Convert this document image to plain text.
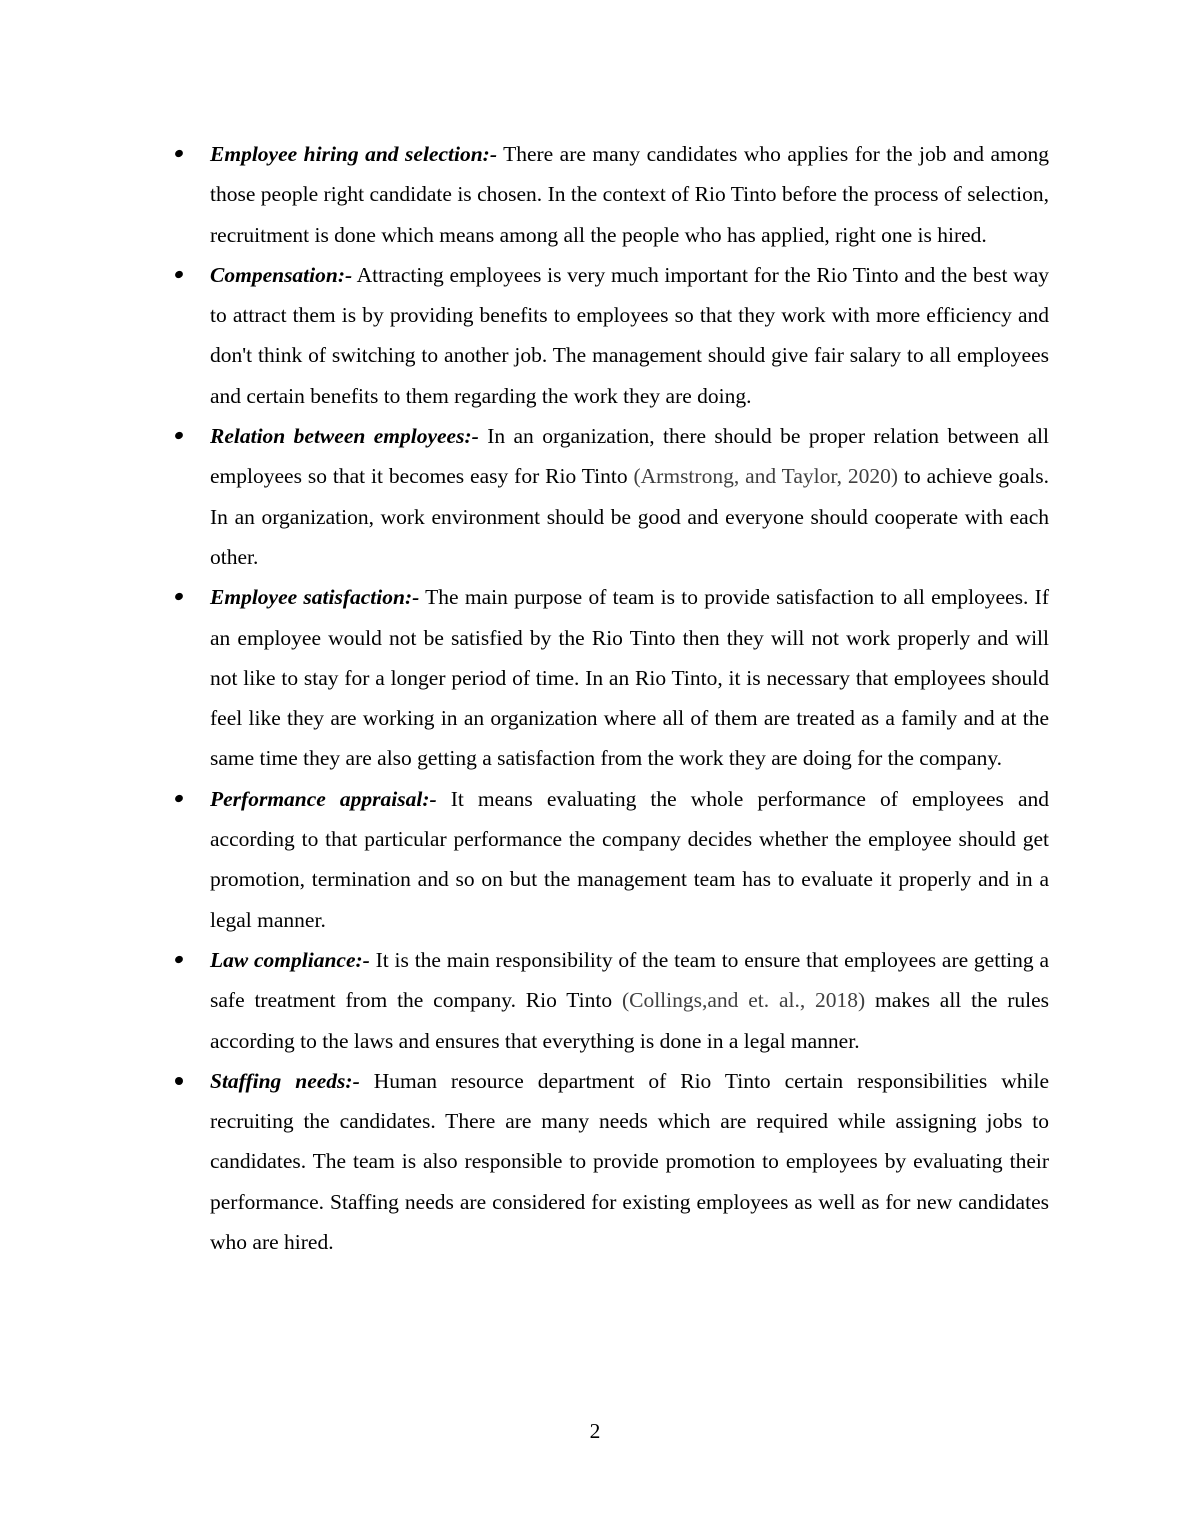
Employee hiring and selection:- There are many candidates who applies for the job and among those people right candidate is chosen. In the context of Rio Tinto before the process of selection, recruitment is done which means among all the people who has applied, right one is hired.
Compensation:- Attracting employees is very much important for the Rio Tinto and the best way to attract them is by providing benefits to employees so that they work with more efficiency and don't think of switching to another job. The management should give fair salary to all employees and certain benefits to them regarding the work they are doing.
Relation between employees:- In an organization, there should be proper relation between all employees so that it becomes easy for Rio Tinto (Armstrong, and Taylor, 2020) to achieve goals. In an organization, work environment should be good and everyone should cooperate with each other.
Employee satisfaction:- The main purpose of team is to provide satisfaction to all employees. If an employee would not be satisfied by the Rio Tinto then they will not work properly and will not like to stay for a longer period of time. In an Rio Tinto, it is necessary that employees should feel like they are working in an organization where all of them are treated as a family and at the same time they are also getting a satisfaction from the work they are doing for the company.
Performance appraisal:- It means evaluating the whole performance of employees and according to that particular performance the company decides whether the employee should get promotion, termination and so on but the management team has to evaluate it properly and in a legal manner.
Law compliance:- It is the main responsibility of the team to ensure that employees are getting a safe treatment from the company. Rio Tinto (Collings,and et. al., 2018) makes all the rules according to the laws and ensures that everything is done in a legal manner.
Staffing needs:- Human resource department of Rio Tinto certain responsibilities while recruiting the candidates. There are many needs which are required while assigning jobs to candidates. The team is also responsible to provide promotion to employees by evaluating their performance. Staffing needs are considered for existing employees as well as for new candidates who are hired.
2
